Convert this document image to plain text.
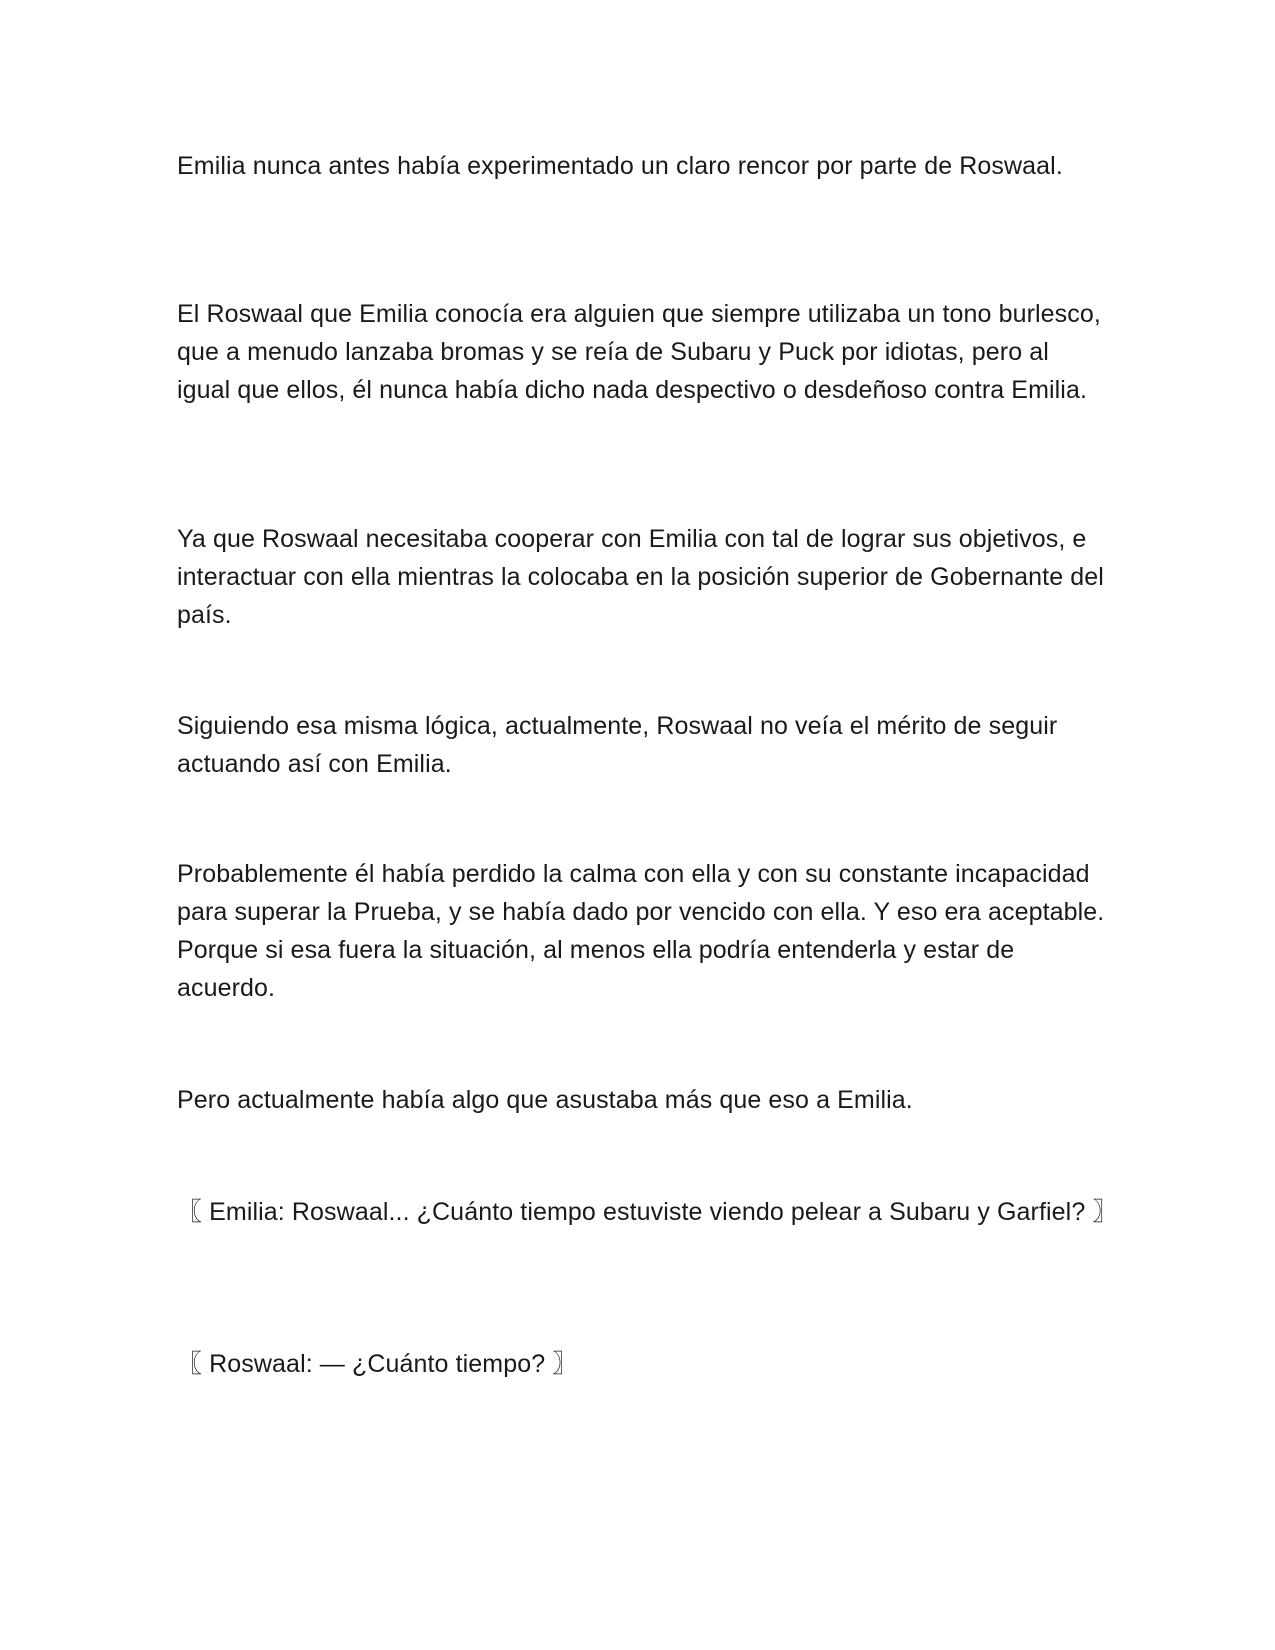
Emilia nunca antes había experimentado un claro rencor por parte de Roswaal.

El Roswaal que Emilia conocía era alguien que siempre utilizaba un tono burlesco, que a menudo lanzaba bromas y se reía de Subaru y Puck por idiotas, pero al igual que ellos, él nunca había dicho nada despectivo o desdeñoso contra Emilia.

Ya que Roswaal necesitaba cooperar con Emilia con tal de lograr sus objetivos, e interactuar con ella mientras la colocaba en la posición superior de Gobernante del país.

Siguiendo esa misma lógica, actualmente, Roswaal no veía el mérito de seguir actuando así con Emilia.

Probablemente él había perdido la calma con ella y con su constante incapacidad para superar la Prueba, y se había dado por vencido con ella. Y eso era aceptable. Porque si esa fuera la situación, al menos ella podría entenderla y estar de acuerdo.

Pero actualmente había algo que asustaba más que eso a Emilia.

〖 Emilia: Roswaal... ¿Cuánto tiempo estuviste viendo pelear a Subaru y Garfiel? 〗

〖 Roswaal: — ¿Cuánto tiempo? 〗
